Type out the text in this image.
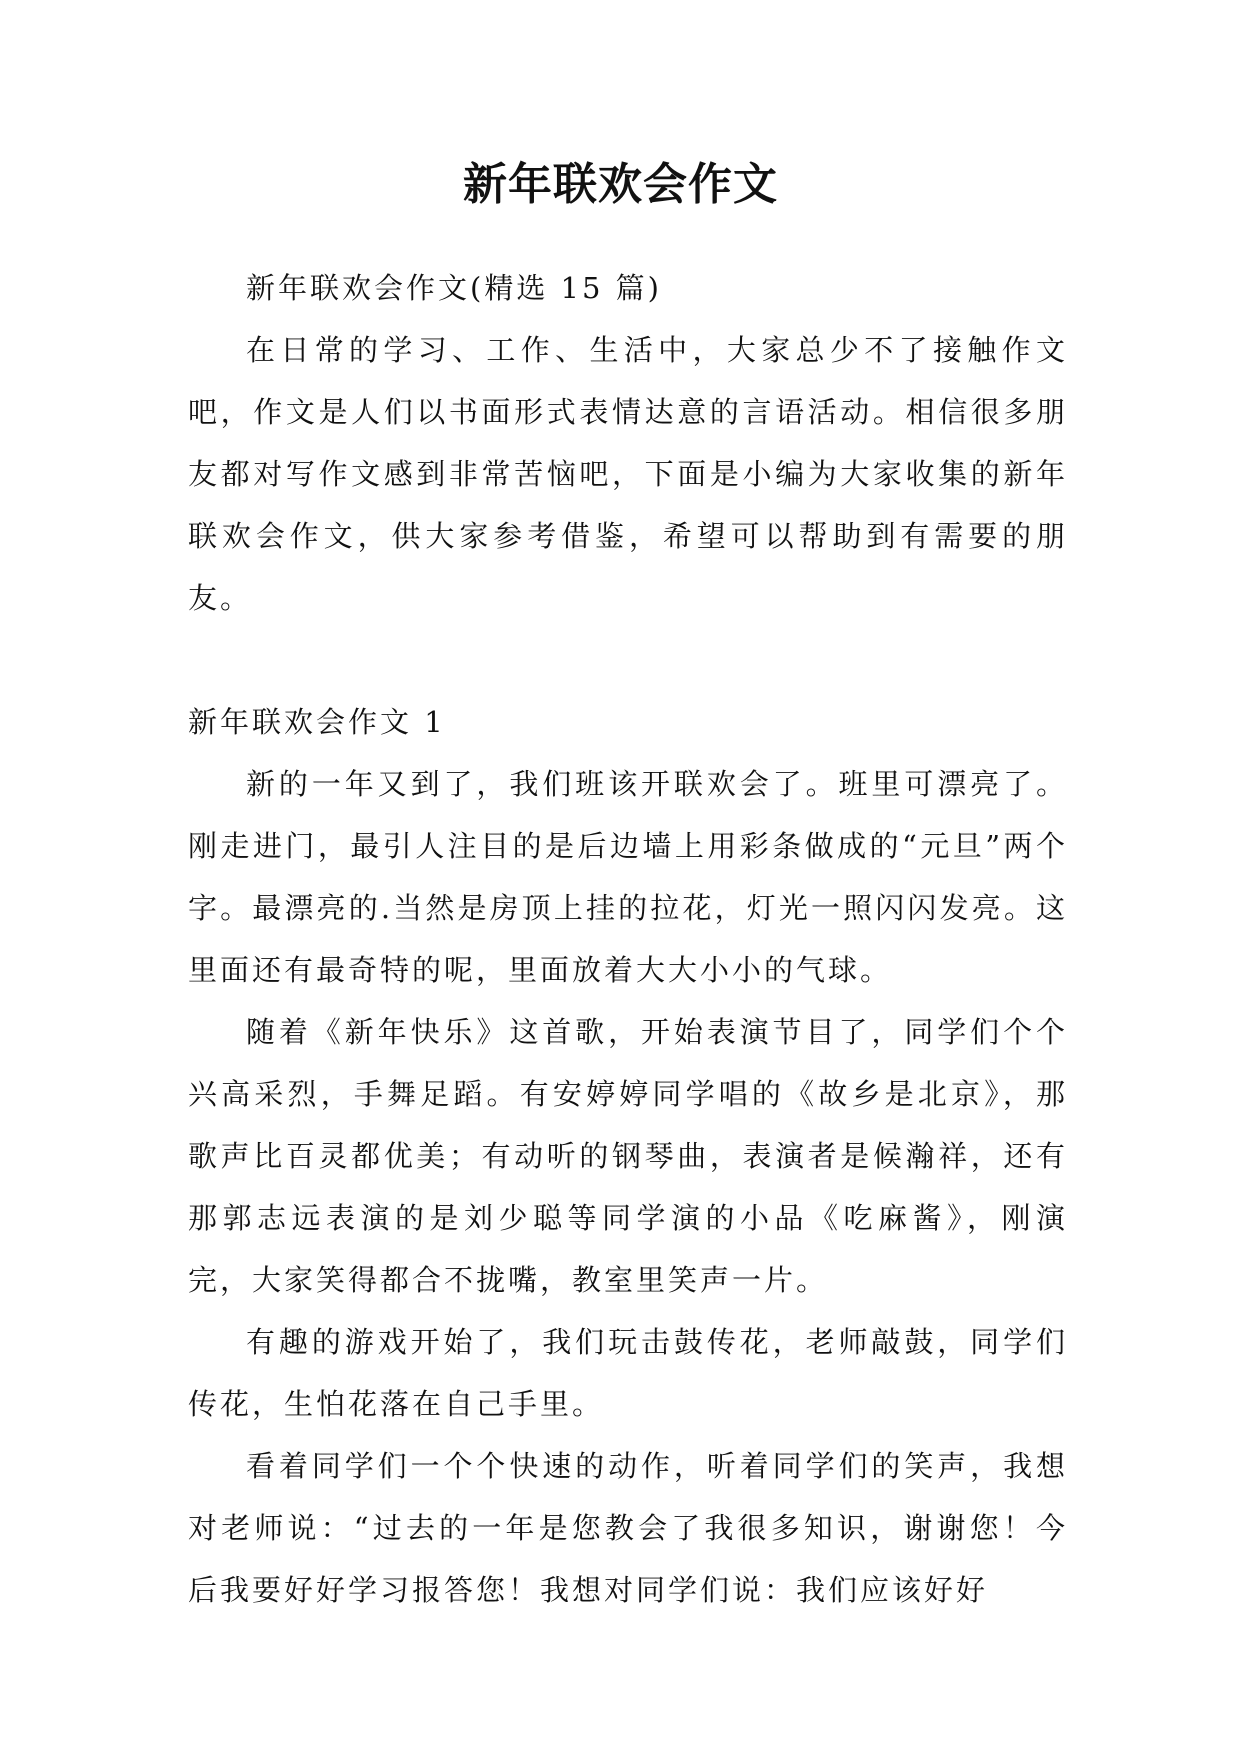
新年联欢会作文

新年联欢会作文(精选 15 篇)

在日常的学习、工作、生活中，大家总少不了接触作文吧，作文是人们以书面形式表情达意的言语活动。相信很多朋友都对写作文感到非常苦恼吧，下面是小编为大家收集的新年联欢会作文，供大家参考借鉴，希望可以帮助到有需要的朋友。

新年联欢会作文 1

新的一年又到了，我们班该开联欢会了。班里可漂亮了。刚走进门，最引人注目的是后边墙上用彩条做成的“元旦”两个字。最漂亮的.当然是房顶上挂的拉花，灯光一照闪闪发亮。这里面还有最奇特的呢，里面放着大大小小的气球。

随着《新年快乐》这首歌，开始表演节目了，同学们个个兴高采烈，手舞足蹈。有安婷婷同学唱的《故乡是北京》，那歌声比百灵都优美；有动听的钢琴曲，表演者是候瀚祥，还有那郭志远表演的是刘少聪等同学演的小品《吃麻酱》，刚演完，大家笑得都合不拢嘴，教室里笑声一片。

有趣的游戏开始了，我们玩击鼓传花，老师敲鼓，同学们传花，生怕花落在自己手里。

看着同学们一个个快速的动作，听着同学们的笑声，我想对老师说：“过去的一年是您教会了我很多知识，谢谢您！今后我要好好学习报答您！我想对同学们说：我们应该好好
